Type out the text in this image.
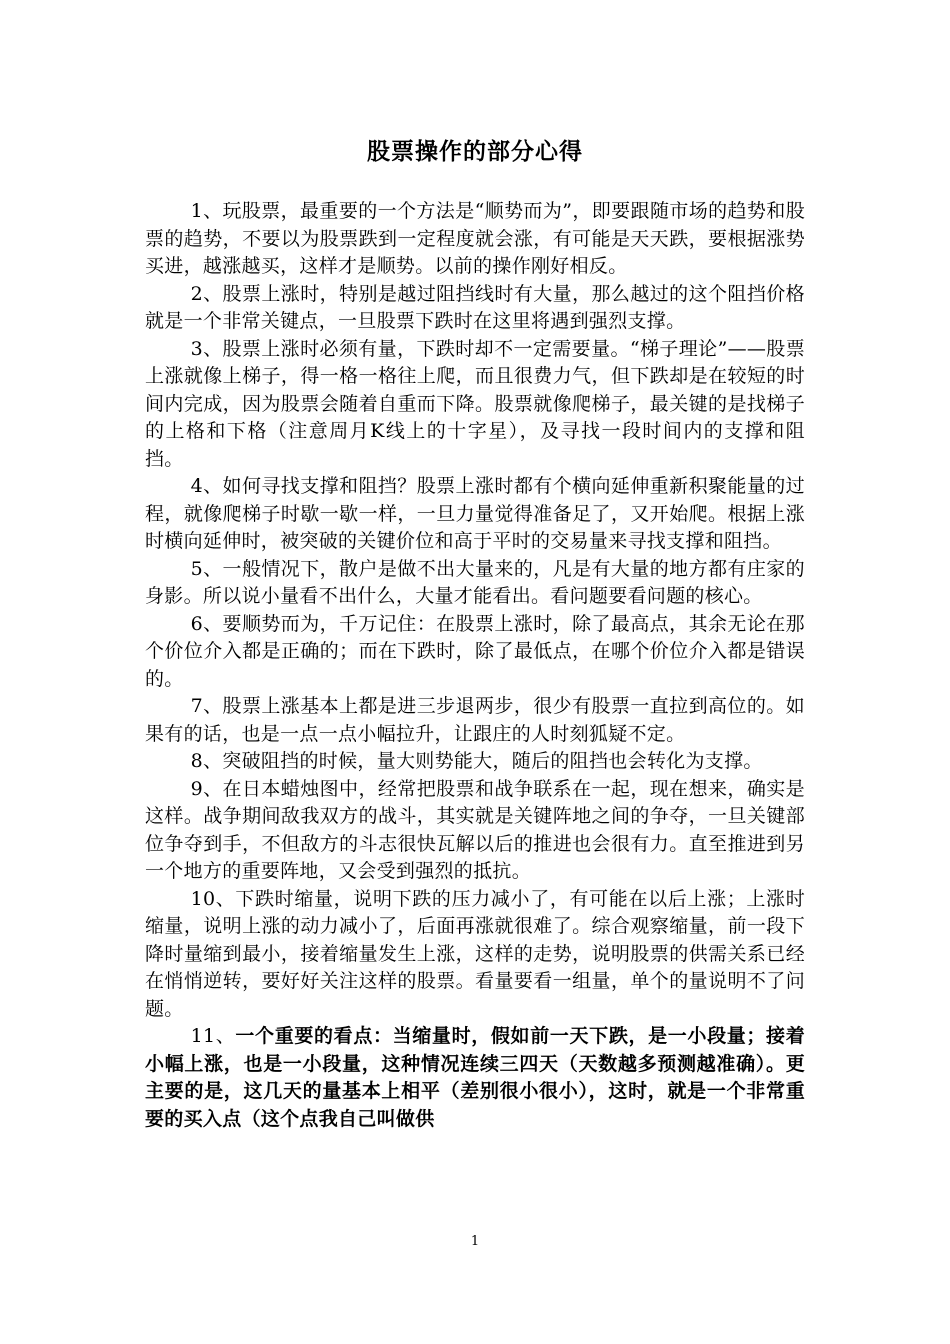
股票操作的部分心得

1、玩股票，最重要的一个方法是“顺势而为”，即要跟随市场的趋势和股票的趋势，不要以为股票跌到一定程度就会涨，有可能是天天跌，要根据涨势买进，越涨越买，这样才是顺势。以前的操作刚好相反。

2、股票上涨时，特别是越过阻挡线时有大量，那么越过的这个阻挡价格就是一个非常关键点，一旦股票下跌时在这里将遇到强烈支撑。

3、股票上涨时必须有量，下跌时却不一定需要量。“梯子理论”——股票上涨就像上梯子，得一格一格往上爬，而且很费力气，但下跌却是在较短的时间内完成，因为股票会随着自重而下降。股票就像爬梯子，最关键的是找梯子的上格和下格（注意周月K线上的十字星），及寻找一段时间内的支撑和阻挡。

4、如何寻找支撑和阻挡？股票上涨时都有个横向延伸重新积聚能量的过程，就像爬梯子时歇一歇一样，一旦力量觉得准备足了，又开始爬。根据上涨时横向延伸时，被突破的关键价位和高于平时的交易量来寻找支撑和阻挡。

5、一般情况下，散户是做不出大量来的，凡是有大量的地方都有庄家的身影。所以说小量看不出什么，大量才能看出。看问题要看问题的核心。

6、要顺势而为，千万记住：在股票上涨时，除了最高点，其余无论在那个价位介入都是正确的；而在下跌时，除了最低点，在哪个价位介入都是错误的。

7、股票上涨基本上都是进三步退两步，很少有股票一直拉到高位的。如果有的话，也是一点一点小幅拉升，让跟庄的人时刻狐疑不定。

8、突破阻挡的时候，量大则势能大，随后的阻挡也会转化为支撑。

9、在日本蜡烛图中，经常把股票和战争联系在一起，现在想来，确实是这样。战争期间敌我双方的战斗，其实就是关键阵地之间的争夺，一旦关键部位争夺到手，不但敌方的斗志很快瓦解以后的推进也会很有力。直至推进到另一个地方的重要阵地，又会受到强烈的抵抗。

10、下跌时缩量，说明下跌的压力减小了，有可能在以后上涨；上涨时缩量，说明上涨的动力减小了，后面再涨就很难了。综合观察缩量，前一段下降时量缩到最小，接着缩量发生上涨，这样的走势，说明股票的供需关系已经在悄悄逆转，要好好关注这样的股票。看量要看一组量，单个的量说明不了问题。

11、一个重要的看点：当缩量时，假如前一天下跌，是一小段量；接着小幅上涨，也是一小段量，这种情况连续三四天（天数越多预测越准确）。更主要的是，这几天的量基本上相平（差别很小很小），这时，就是一个非常重要的买入点（这个点我自己叫做供

1
